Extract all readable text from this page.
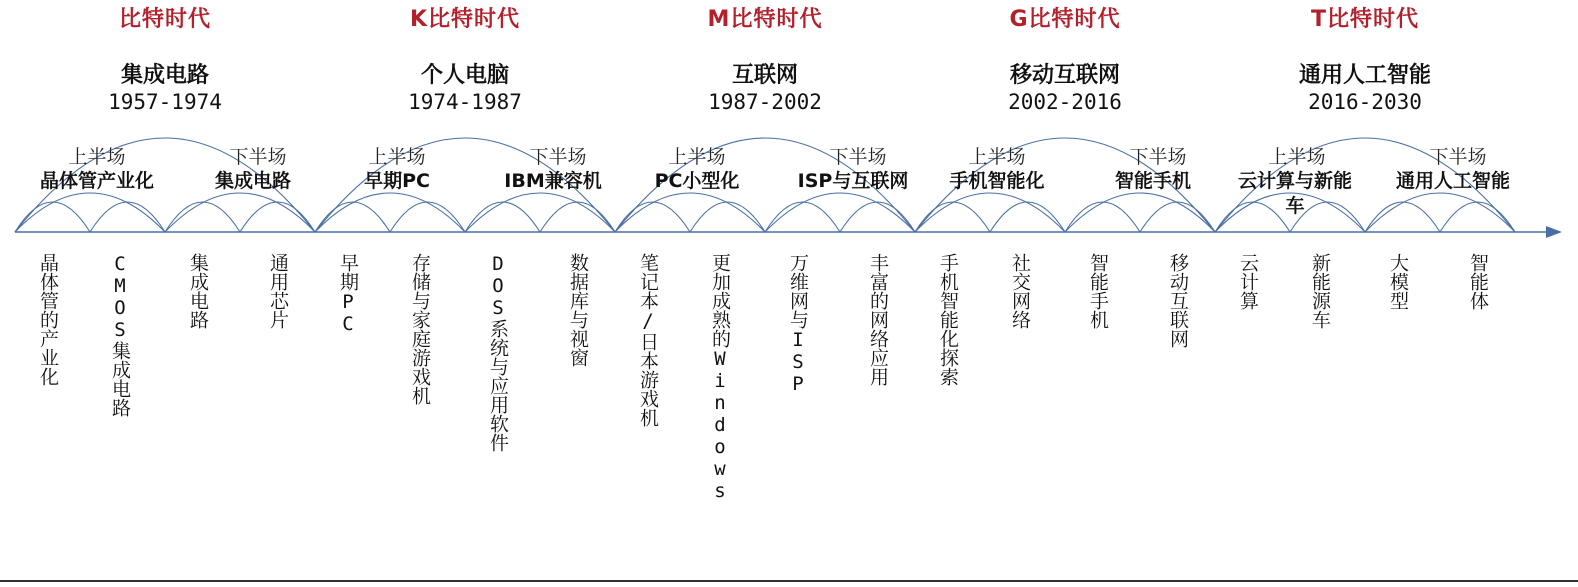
比特时代
集成电路
1957-1974
上半场
晶体管产业化
晶体管的产业化	CMOS集成电路
下半场
集成电路
集成电路	通用芯片
K比特时代
个人电脑
1974-1987
上半场
早期PC
早期PC	存储与家庭游戏机
下半场
IBM兼容机
DOS系统与应用软件	数据库与视窗
M比特时代
互联网
1987-2002
上半场
PC小型化
笔记本/日本游戏机	更加成熟的Windows
下半场
ISP与互联网
万维网与ISP	丰富的网络应用
G比特时代
移动互联网
2002-2016
上半场
手机智能化
手机智能化探索	社交网络
下半场
智能手机
智能手机	移动互联网
T比特时代
通用人工智能
2016-2030
上半场
云计算与新能车
云计算	新能源车
下半场
通用人工智能
大模型	智能体
